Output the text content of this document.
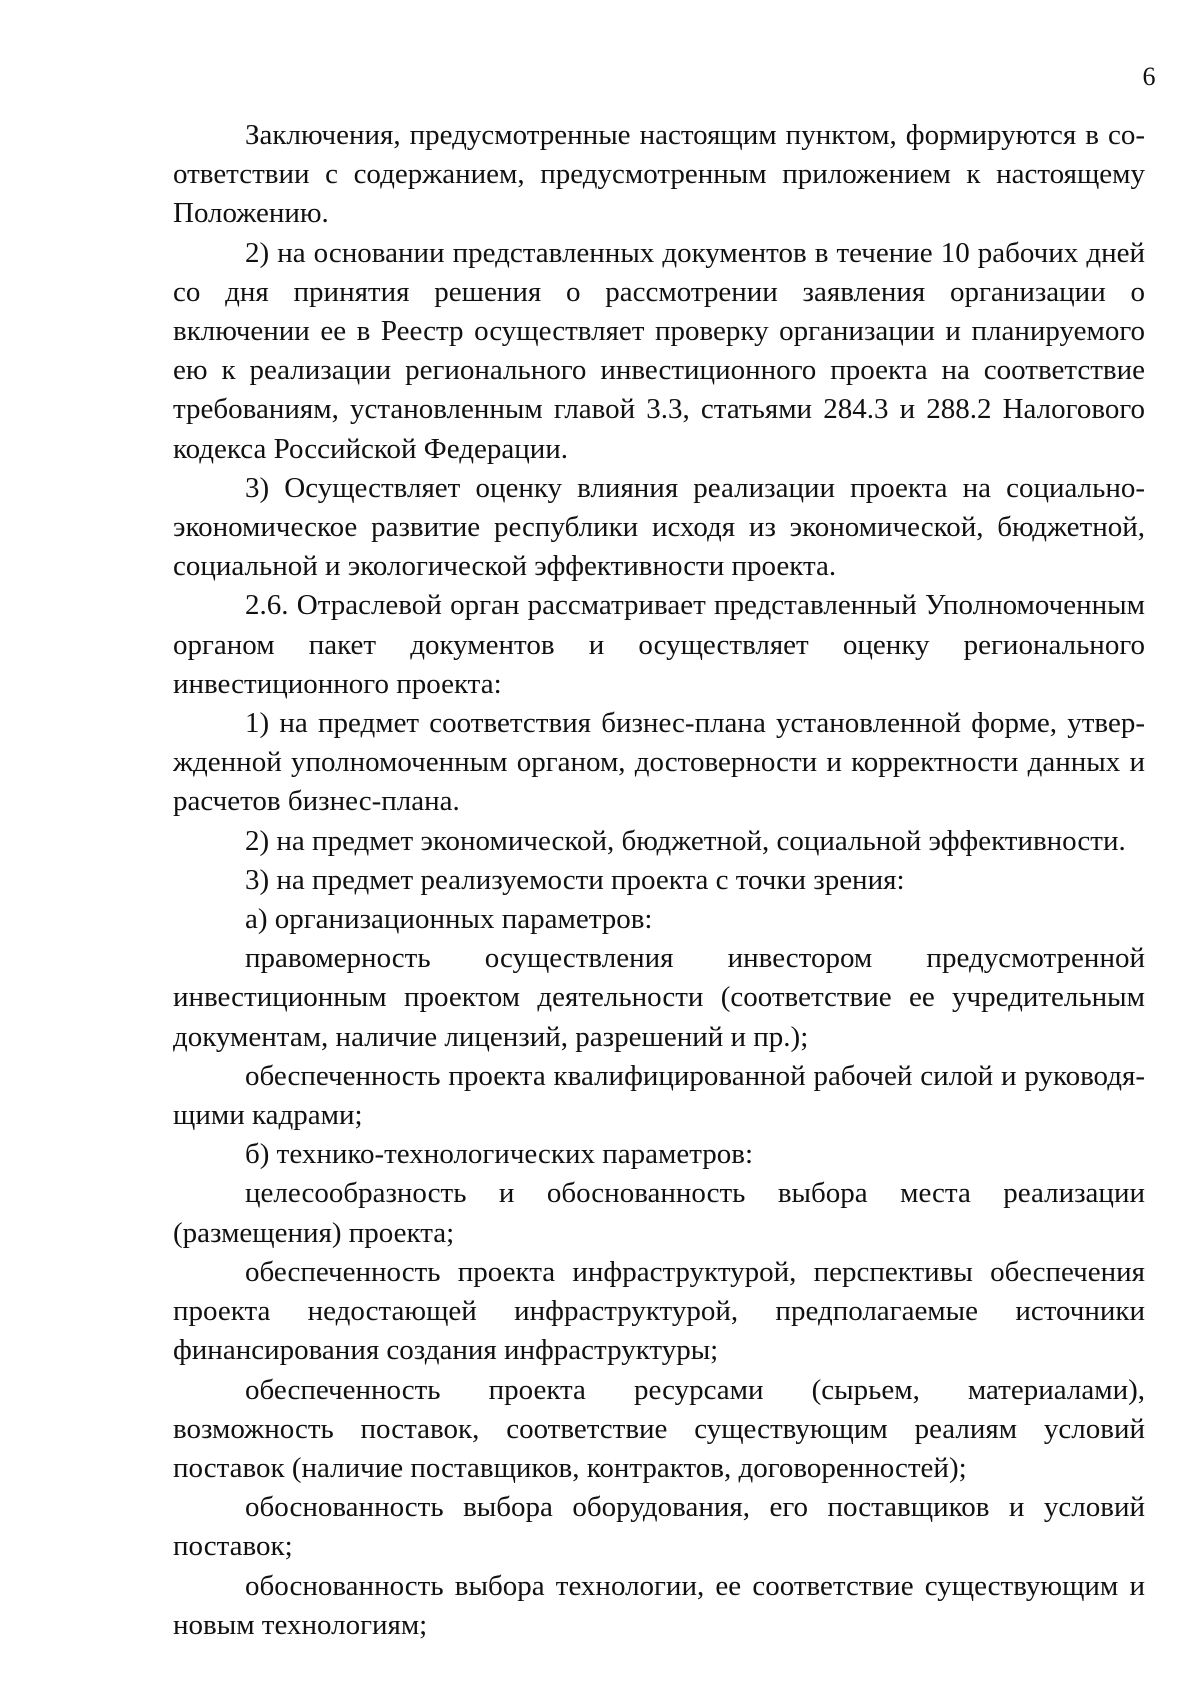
6

Заключения, предусмотренные настоящим пунктом, формируются в соответствии с содержанием, предусмотренным приложением к настоящему Положению.

2) на основании представленных документов в течение 10 рабочих дней со дня принятия решения о рассмотрении заявления организации о включении ее в Реестр осуществляет проверку организации и планируемого ею к реализации регионального инвестиционного проекта на соответствие требованиям, установленным главой 3.3, статьями 284.3 и 288.2 Налогового кодекса Российской Федерации.

3) Осуществляет оценку влияния реализации проекта на социально-экономическое развитие республики исходя из экономической, бюджетной, социальной и экологической эффективности проекта.

2.6. Отраслевой орган рассматривает представленный Уполномоченным органом пакет документов и осуществляет оценку регионального инвестиционного проекта:

1) на предмет соответствия бизнес-плана установленной форме, утвержденной уполномоченным органом, достоверности и корректности данных и расчетов бизнес-плана.

2) на предмет экономической, бюджетной, социальной эффективности.

3) на предмет реализуемости проекта с точки зрения:

а) организационных параметров:

правомерность осуществления инвестором предусмотренной инвестиционным проектом деятельности (соответствие ее учредительным документам, наличие лицензий, разрешений и пр.);

обеспеченность проекта квалифицированной рабочей силой и руководящими кадрами;

б) технико-технологических параметров:

целесообразность и обоснованность выбора места реализации (размещения) проекта;

обеспеченность проекта инфраструктурой, перспективы обеспечения проекта недостающей инфраструктурой, предполагаемые источники финансирования создания инфраструктуры;

обеспеченность проекта ресурсами (сырьем, материалами), возможность поставок, соответствие существующим реалиям условий поставок (наличие поставщиков, контрактов, договоренностей);

обоснованность выбора оборудования, его поставщиков и условий поставок;

обоснованность выбора технологии, ее соответствие существующим и новым технологиям;
